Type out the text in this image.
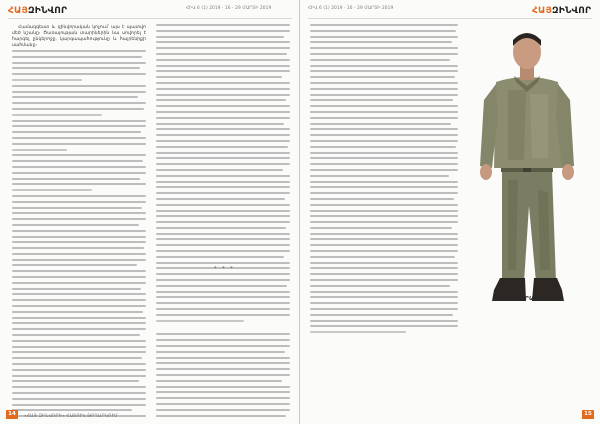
ՀԱՅԶԻՆՎՈՐ	ՀԻՎ 6 (1) 2019 · 16 - 29 ՄԱՐՏԻ 2019

Համազգեստ և զինվորական կոչում՝ այս է պատվո մեծ նշանը։ Ծառայության տարիներին նա սովորել է հարգել ընկերոջը, կարգապահությունը և հայրենիքի սահմանը։

* * *
14	«ՀԱՅ ԶԻՆՎՈՐԻ» ՀԱՏՈՒԿ ԹՈՂԱՐԿՈՒՄ
ՀԻՎ 6 (1) 2019 · 16 - 29 ՄԱՐՏԻ 2019	ՀԱՅԶԻՆՎՈՐ
ՏԱՐՕ ՄԻՐԱԶԵՆԻ
15
